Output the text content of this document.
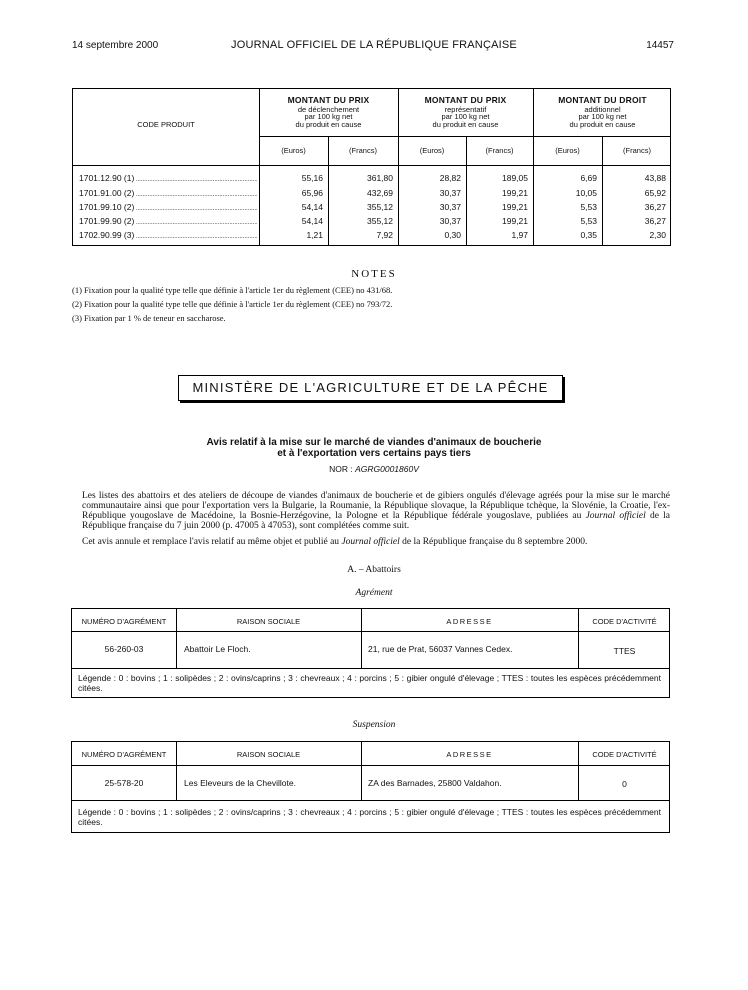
14 septembre 2000	JOURNAL OFFICIEL DE LA RÉPUBLIQUE FRANÇAISE	14457
CODE PRODUIT
MONTANT DU PRIX
de déclenchement
par 100 kg net
du produit en cause
MONTANT DU PRIX
représentatif
par 100 kg net
du produit en cause
MONTANT DU DROIT
additionnel
par 100 kg net
du produit en cause
(Euros)	(Francs)	(Euros)	(Francs)	(Euros)	(Francs)
1701.12.90 (1) .....	55,16	361,80	28,82	189,05	6,69	43,88
1701.91.00 (2) .....	65,96	432,69	30,37	199,21	10,05	65,92
1701.99.10 (2) .....	54,14	355,12	30,37	199,21	5,53	36,27
1701.99.90 (2) .....	54,14	355,12	30,37	199,21	5,53	36,27
1702.90.99 (3) .....	1,21	7,92	0,30	1,97	0,35	2,30
NOTES
(1) Fixation pour la qualité type telle que définie à l'article 1er du règlement (CEE) no 431/68.
(2) Fixation pour la qualité type telle que définie à l'article 1er du règlement (CEE) no 793/72.
(3) Fixation par 1 % de teneur en saccharose.
MINISTÈRE DE L'AGRICULTURE ET DE LA PÊCHE
Avis relatif à la mise sur le marché de viandes d'animaux de boucherie
et à l'exportation vers certains pays tiers
NOR : AGRG0001860V
Les listes des abattoirs et des ateliers de découpe de viandes d'animaux de boucherie et de gibiers ongulés d'élevage agréés pour la mise sur le marché communautaire ainsi que pour l'exportation vers la Bulgarie, la Roumanie, la République slovaque, la République tchèque, la Slovénie, la Croatie, l'ex-République yougoslave de Macédoine, la Bosnie-Herzégovine, la Pologne et la République fédérale yougoslave, publiées au Journal officiel de la République française du 7 juin 2000 (p. 47005 à 47053), sont complétées comme suit.
Cet avis annule et remplace l'avis relatif au même objet et publié au Journal officiel de la République française du 8 septembre 2000.
A. – Abattoirs
Agrément
NUMÉRO D'AGRÉMENT	RAISON SOCIALE	ADRESSE	CODE D'ACTIVITÉ
56-260-03	Abattoir Le Floch.	21, rue de Prat, 56037 Vannes Cedex.	TTES
Légende : 0 : bovins ; 1 : solipèdes ; 2 : ovins/caprins ; 3 : chevreaux ; 4 : porcins ; 5 : gibier ongulé d'élevage ; TTES : toutes les espèces précédemment citées.
Suspension
NUMÉRO D'AGRÉMENT	RAISON SOCIALE	ADRESSE	CODE D'ACTIVITÉ
25-578-20	Les Eleveurs de la Chevillote.	ZA des Barnades, 25800 Valdahon.	0
Légende : 0 : bovins ; 1 : solipèdes ; 2 : ovins/caprins ; 3 : chevreaux ; 4 : porcins ; 5 : gibier ongulé d'élevage ; TTES : toutes les espèces précédemment citées.
